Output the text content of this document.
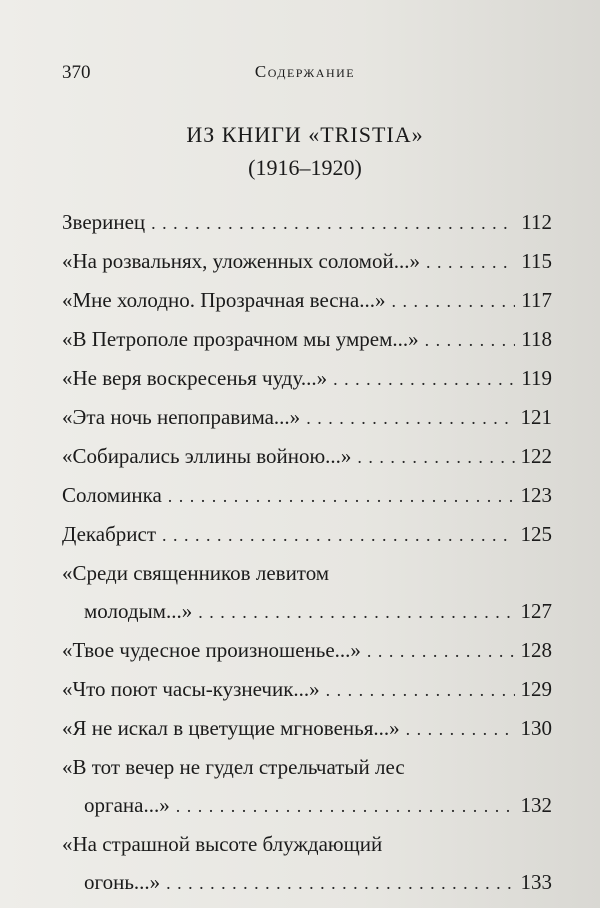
370	Содержание
ИЗ КНИГИ «TRISTIA»
(1916–1920)
Зверинец . . .	112
«На розвальнях, уложенных соломой...» . . .	115
«Мне холодно. Прозрачная весна...» . . .	117
«В Петрополе прозрачном мы умрем...» . . .	118
«Не веря воскресенья чуду...» . . .	119
«Эта ночь непоправима...» . . .	121
«Собирались эллины войною...» . . .	122
Соломинка . . .	123
Декабрист . . .	125
«Среди священников левитом
молодым...» . . .	127
«Твое чудесное произношенье...» . . .	128
«Что поют часы-кузнечик...» . . .	129
«Я не искал в цветущие мгновенья...» . . .	130
«В тот вечер не гудел стрельчатый лес
органа...» . . .	132
«На страшной высоте блуждающий
огонь...» . . .	133
